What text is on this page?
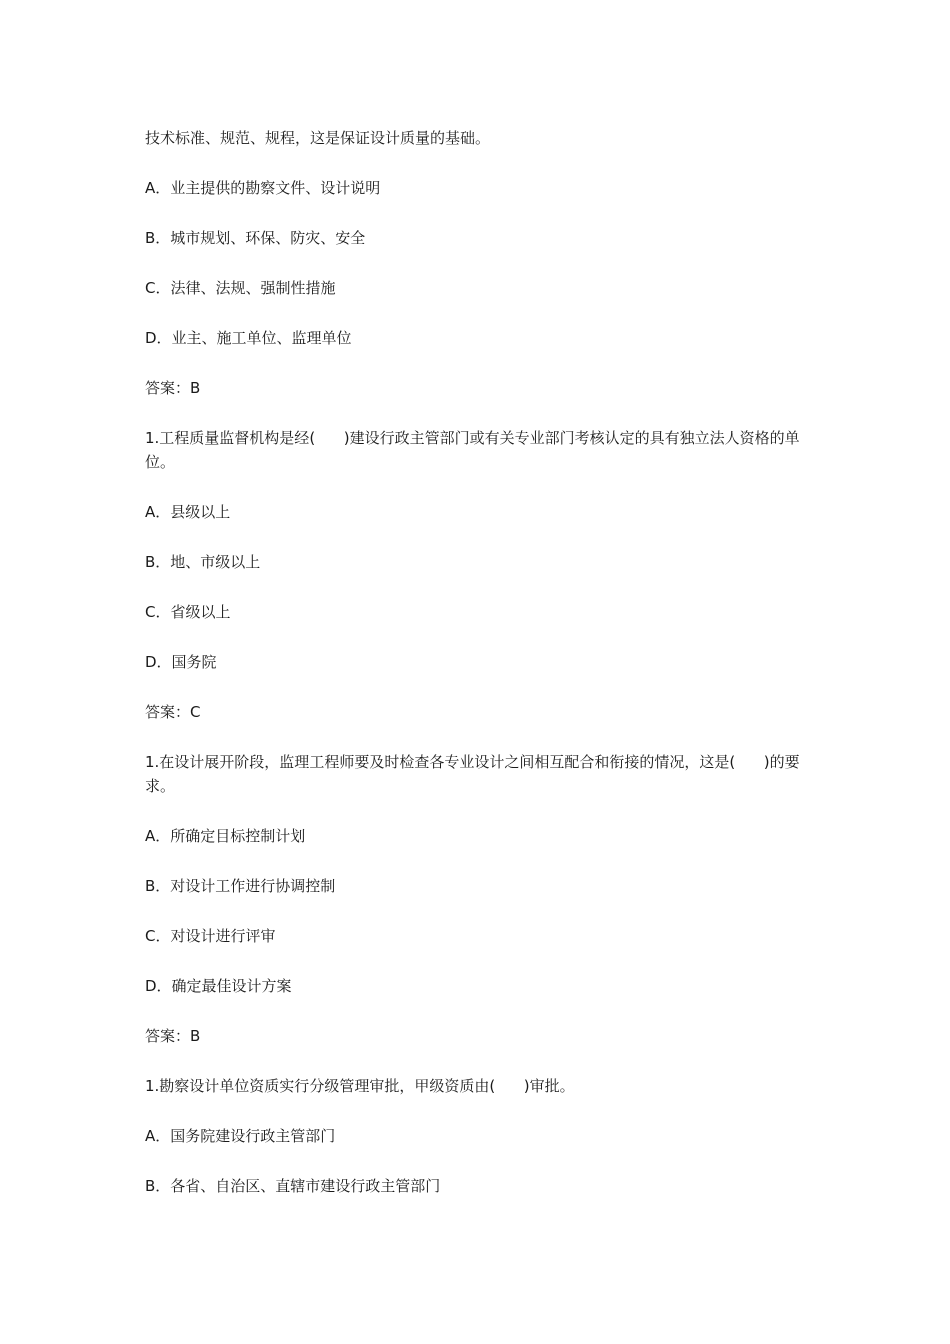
技术标准、规范、规程，这是保证设计质量的基础。
A．业主提供的勘察文件、设计说明
B．城市规划、环保、防灾、安全
C．法律、法规、强制性措施
D．业主、施工单位、监理单位
答案：B
1.工程质量监督机构是经(      )建设行政主管部门或有关专业部门考核认定的具有独立法人资格的单位。
A．县级以上
B．地、市级以上
C．省级以上
D．国务院
答案：C
1.在设计展开阶段，监理工程师要及时检查各专业设计之间相互配合和衔接的情况，这是(      )的要求。
A．所确定目标控制计划
B．对设计工作进行协调控制
C．对设计进行评审
D．确定最佳设计方案
答案：B
1.勘察设计单位资质实行分级管理审批，甲级资质由(      )审批。
A．国务院建设行政主管部门
B．各省、自治区、直辖市建设行政主管部门
